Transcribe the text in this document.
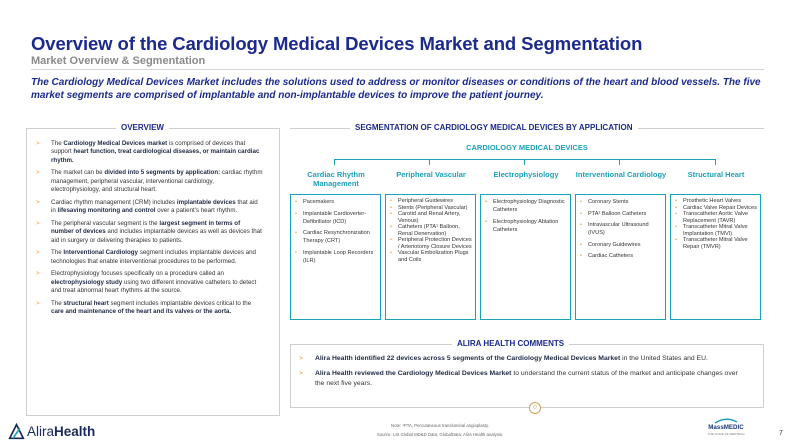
Overview of the Cardiology Medical Devices Market and Segmentation
Market Overview & Segmentation
The Cardiology Medical Devices Market includes the solutions used to address or monitor diseases or conditions of the heart and blood vessels. The five market segments are comprised of implantable and non-implantable devices to improve the patient journey.
OVERVIEW
> The Cardiology Medical Devices market is comprised of devices that support heart function, treat cardiological diseases, or maintain cardiac rhythm.
> The market can be divided into 5 segments by application: cardiac rhythm management, peripheral vascular, interventional cardiology, electrophysiology, and structural heart.
> Cardiac rhythm management (CRM) includes implantable devices that aid in lifesaving monitoring and control over a patient's heart rhythm.
> The peripheral vascular segment is the largest segment in terms of number of devices and includes implantable devices as well as devices that aid in surgery or delivering therapies to patients.
> The Interventional Cardiology segment includes implantable devices and technologies that enable interventional procedures to be performed.
> Electrophysiology focuses specifically on a procedure called an electrophysiology study using two different innovative catheters to detect and treat abnormal heart rhythms at the source.
> The structural heart segment includes implantable devices critical to the care and maintenance of the heart and its valves or the aorta.
SEGMENTATION OF CARDIOLOGY MEDICAL DEVICES BY APPLICATION
CARDIOLOGY MEDICAL DEVICES
Cardiac Rhythm Management
• Pacemakers
• Implantable Cardioverter-Defibrillator (ICD)
• Cardiac Resynchronization Therapy (CRT)
• Implantable Loop Recorders (ILR)
Peripheral Vascular
• Peripheral Guidewires
• Stents (Peripheral Vascular)
• Carotid and Renal Artery, Venous)
• Catheters (PTA¹ Balloon, Renal Denervation)
• Peripheral Protection Devices / Arteriotomy Closure Devices
• Vascular Embolization Plugs and Coils
Electrophysiology
• Electrophysiology Diagnostic Catheters
• Electrophysiology Ablation Catheters
Interventional Cardiology
• Coronary Stents
• PTA¹ Balloon Catheters
• Intravascular Ultrasound (IVUS)
• Coronary Guidewires
• Cardiac Catheters
Structural Heart
• Prosthetic Heart Valves
• Cardiac Valve Repair Devices
• Transcatheter Aortic Valve Replacement (TAVR)
• Transcatheter Mitral Valve Implantation (TMVI)
• Transcatheter Mitral Valve Repair (TMVR)
ALIRA HEALTH COMMENTS
> Alira Health identified 22 devices across 5 segments of the Cardiology Medical Devices Market in the United States and EU.
> Alira Health reviewed the Cardiology Medical Devices Market to understand the current status of the market and anticipate changes over the next five years.
⟐
Note: ¹PTA, Percutaneous transluminal angioplasty.
Source: LSI Global MD&D Data; GlobalData; Alira Health analysis.
AliraHealth	MassMEDIC
THE VOICE OF MEDTECH	7
